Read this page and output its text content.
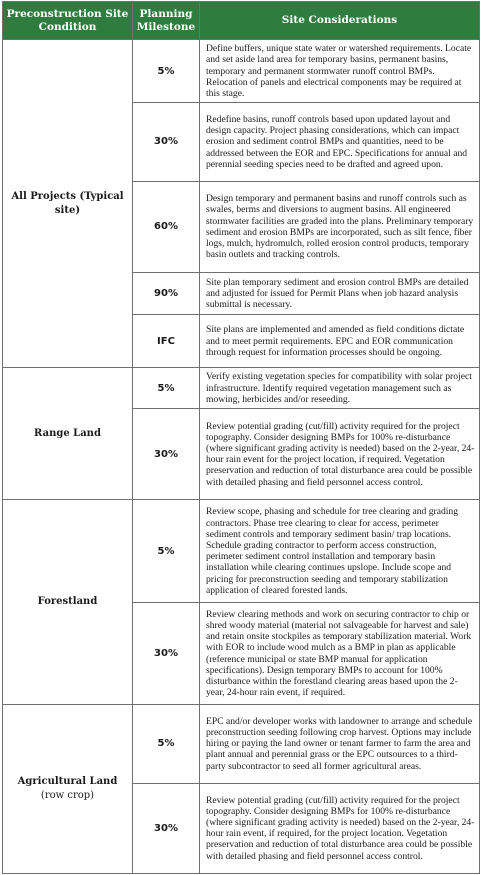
Preconstruction Site Condition	Planning Milestone	Site Considerations
All Projects (Typical site)	5%	Define buffers, unique state water or watershed requirements. Locate and set aside land area for temporary basins, permanent basins, temporary and permanent stormwater runoff control BMPs. Relocation of panels and electrical components may be required at this stage.
	30%	Redefine basins, runoff controls based upon updated layout and design capacity. Project phasing considerations, which can impact erosion and sediment control BMPs and quantities, need to be addressed between the EOR and EPC. Specifications for annual and perennial seeding species need to be drafted and agreed upon.
	60%	Design temporary and permanent basins and runoff controls such as swales, berms and diversions to augment basins. All engineered stormwater facilities are graded into the plans. Preliminary temporary sediment and erosion BMPs are incorporated, such as silt fence, fiber logs, mulch, hydromulch, rolled erosion control products, temporary basin outlets and tracking controls.
	90%	Site plan temporary sediment and erosion control BMPs are detailed and adjusted for issued for Permit Plans when job hazard analysis submittal is necessary.
	IFC	Site plans are implemented and amended as field conditions dictate and to meet permit requirements. EPC and EOR communication through request for information processes should be ongoing.
Range Land	5%	Verify existing vegetation species for compatibility with solar project infrastructure. Identify required vegetation management such as mowing, herbicides and/or reseeding.
	30%	Review potential grading (cut/fill) activity required for the project topography. Consider designing BMPs for 100% re-disturbance (where significant grading activity is needed) based on the 2-year, 24-hour rain event for the project location, if required. Vegetation preservation and reduction of total disturbance area could be possible with detailed phasing and field personnel access control.
Forestland	5%	Review scope, phasing and schedule for tree clearing and grading contractors. Phase tree clearing to clear for access, perimeter sediment controls and temporary sediment basin/ trap locations. Schedule grading contractor to perform access construction, perimeter sediment control installation and temporary basin installation while clearing continues upslope. Include scope and pricing for preconstruction seeding and temporary stabilization application of cleared forested lands.
	30%	Review clearing methods and work on securing contractor to chip or shred woody material (material not salvageable for harvest and sale) and retain onsite stockpiles as temporary stabilization material. Work with EOR to include wood mulch as a BMP in plan as applicable (reference municipal or state BMP manual for application specifications). Design temporary BMPs to account for 100% disturbance within the forestland clearing areas based upon the 2-year, 24-hour rain event, if required.
Agricultural Land
(row crop)	5%	EPC and/or developer works with landowner to arrange and schedule preconstruction seeding following crop harvest. Options may include hiring or paying the land owner or tenant farmer to farm the area and plant annual and perennial grass or the EPC outsources to a third-party subcontractor to seed all former agricultural areas.
	30%	Review potential grading (cut/fill) activity required for the project topography. Consider designing BMPs for 100% re-disturbance (where significant grading activity is needed) based on the 2-year, 24-hour rain event, if required, for the project location. Vegetation preservation and reduction of total disturbance area could be possible with detailed phasing and field personnel access control.
